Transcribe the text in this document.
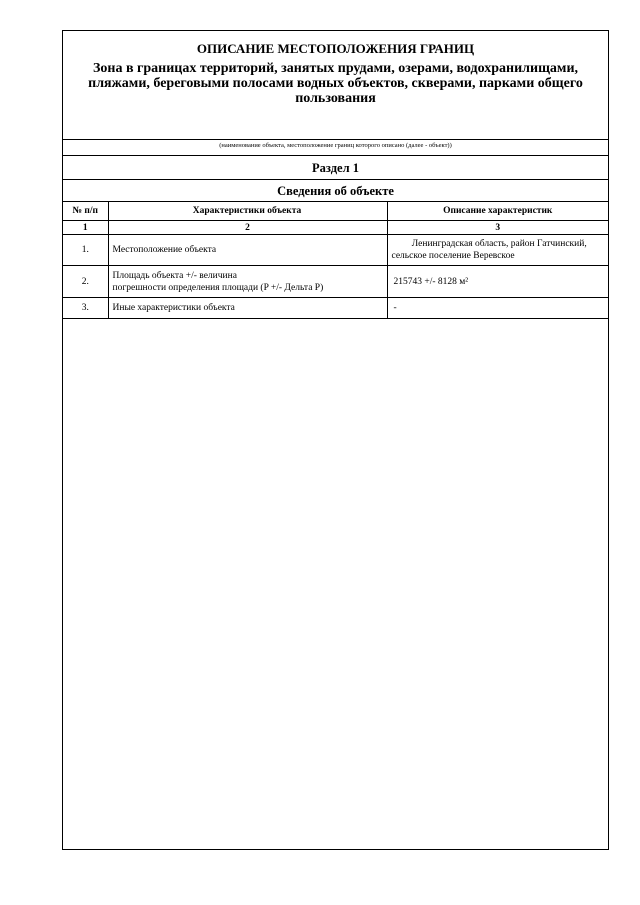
ОПИСАНИЕ МЕСТОПОЛОЖЕНИЯ ГРАНИЦ
Зона в границах территорий, занятых прудами, озерами, водохранилищами,
пляжами, береговыми полосами водных объектов, скверами, парками общего
пользования
(наименование объекта, местоположение границ которого описано (далее - объект))
Раздел 1
Сведения об объекте
№ п/п	Характеристики объекта	Описание характеристик
1	2	3
1.	Местоположение объекта	Ленинградская область, район Гатчинский,
сельское поселение Веревское

2.	Площадь объекта +/- величина
погрешности определения площади (P +/- Дельта P)	215743 +/- 8128 м²
3.	Иные характеристики объекта	-
